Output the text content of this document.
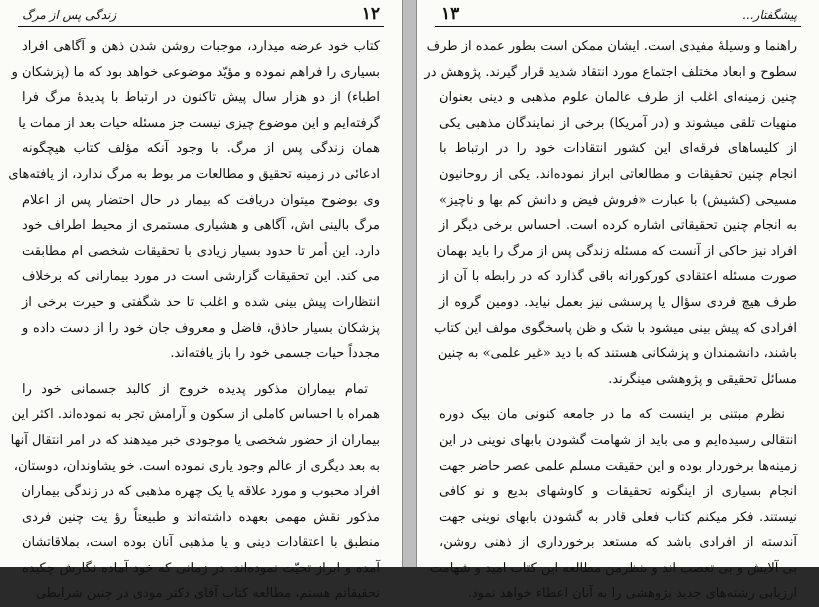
۱۲
زندگی پس از مرگ
کتاب خود عرضه میدارد، موجبات روشن شدن ذهن و آگاهی افراد
بسیاری را فراهم نموده و مؤیّد موضوعی خواهد بود که ما (پزشکان و
اطباء) از دو هزار سال پیش تاکنون در ارتباط با پدیدهٔ مرگ فرا
گرفته‌ایم و این موضوع چیزی نیست جز مسئله حیات بعد از ممات یا
همان زندگی پس از مرگ. با وجود آنکه مؤلف کتاب هیچگونه
ادعائی در زمینه تحقیق و مطالعات مر بوط به مرگ ندارد، از یافته‌های
وی بوضوح میتوان دریافت که بیمار در حال احتضار پس از اعلام
مرگ بالینی اش، آگاهی و هشیاری مستمری از محیط اطراف خود
دارد. این أمر تا حدود بسیار زیادی با تحقیقات شخصی ام مطابقت
می کند. این تحقیقات گزارشی است در مورد بیمارانی که برخلاف
انتظارات پیش بینی شده و اغلب تا حد شگفتی و حیرت برخی از
پزشکان بسیار حاذق، فاضل و معروف جان خود را از دست داده و
مجدداً حیات جسمی خود را باز یافته‌اند.
تمام بیماران مذکور پدیده خروج از کالبد جسمانی خود را
همراه با احساس کاملی از سکون و آرامش تجر به نموده‌اند. اکثر این
بیماران از حضور شخصی یا موجودی خبر میدهند که در امر انتقال آنها
به بعد دیگری از عالم وجود یاری نموده است. خو یشاوندان، دوستان،
افراد محبوب و مورد علاقه یا یک چهره مذهبی که در زندگی بیماران
مذکور نقش مهمی بعهده داشته‌اند و طبیعتاً رؤ یت چنین فردی
منطبق با اعتقادات دینی و یا مذهبی آنان بوده است، بملاقاتشان
آمده و ابراز تحیّت نموده‌اند. در زمانی که خود آماده نگارش چکیده
تحقیقاتم هستم، مطالعه کتاب آقای دکتر مودی در چنین شرایطی
۱۳	پیشگفتار...
راهنما و وسیلهٔ مفیدی است. ایشان ممکن است بطور عمده از طرف
سطوح و ابعاد مختلف اجتماع مورد انتقاد شدید قرار گیرند. پژوهش در
چنین زمینه‌ای اغلب از طرف عالمان علوم مذهبی و دینی بعنوان
منهیات تلقی میشوند و (در آمریکا) برخی از نمایندگان مذهبی یکی
از کلیساهای فرقه‌ای این کشور انتقادات خود را در ارتباط با
انجام چنین تحقیقات و مطالعاتی ابراز نموده‌اند. یکی از روحانیون
مسیحی (کشیش) با عبارت «فروش فیض و دانش کم بها و ناچیز»
به انجام چنین تحقیقاتی اشاره کرده است. احساس برخی دیگر از
افراد نیز حاکی از آنست که مسئله زندگی پس از مرگ را باید بهمان
صورت مسئله اعتقادی کورکورانه باقی گذارد که در رابطه با آن از
طرف هیچ فردی سؤال یا پرسشی نیز بعمل نیاید. دومین گروه از
افرادی که پیش بینی میشود با شک و ظن پاسخگوی مولف این کتاب
باشند، دانشمندان و پزشکانی هستند که با دید «غیر علمی» به چنین
مسائل تحقیقی و پژوهشی مینگرند.
نظرم مبتنی بر اینست که ما در جامعه کنونی مان بیک دوره
انتقالی رسیده‌ایم و می باید از شهامت گشودن بابهای نوینی در این
زمینه‌ها برخوردار بوده و این حقیقت مسلم علمی عصر حاضر جهت
انجام بسیاری از اینگونه تحقیقات و کاوشهای بدیع و نو کافی
نیستند. فکر میکنم کتاب فعلی قادر به گشودن بابهای نوینی جهت
آندسته از افرادی باشد که مستعد برخورداری از ذهنی روشن،
بی آلایش و بی تعصب اند و بنظرمن مطالعه این کتاب امید و شهامت
ارزیابی رشته‌های جدید پژوهشی را به آنان اعطاء خواهد نمود.
